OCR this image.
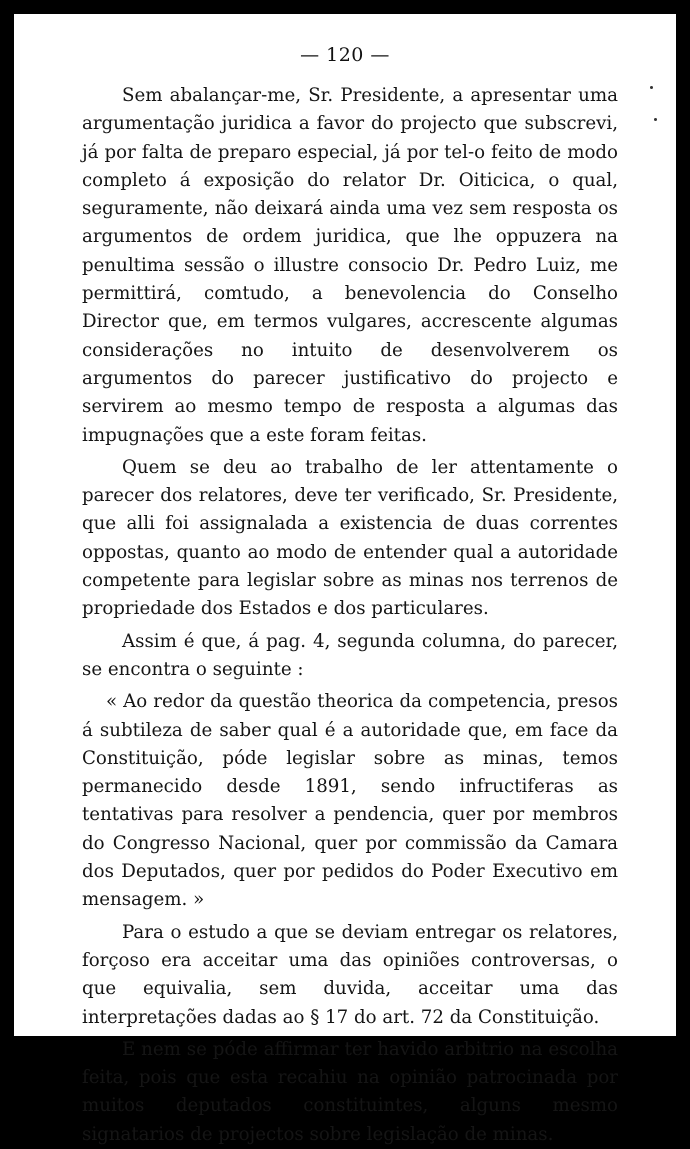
— 120 —

Sem abalançar-me, Sr. Presidente, a apresentar uma argumentação juridica a favor do projecto que subscrevi, já por falta de preparo especial, já por tel-o feito de modo completo á exposição do relator Dr. Oiticica, o qual, seguramente, não deixará ainda uma vez sem resposta os argumentos de ordem juridica, que lhe oppuzera na penultima sessão o illustre consocio Dr. Pedro Luiz, me permittirá, comtudo, a benevolencia do Conselho Director que, em termos vulgares, accrescente algumas considerações no intuito de desenvolverem os argumentos do parecer justificativo do projecto e servirem ao mesmo tempo de resposta a algumas das impugnações que a este foram feitas.

Quem se deu ao trabalho de ler attentamente o parecer dos relatores, deve ter verificado, Sr. Presidente, que alli foi assignalada a existencia de duas correntes oppostas, quanto ao modo de entender qual a autoridade competente para legislar sobre as minas nos terrenos de propriedade dos Estados e dos particulares.

Assim é que, á pag. 4, segunda columna, do parecer, se encontra o seguinte :

« Ao redor da questão theorica da competencia, presos á subtileza de saber qual é a autoridade que, em face da Constituição, póde legislar sobre as minas, temos permanecido desde 1891, sendo infructiferas as tentativas para resolver a pendencia, quer por membros do Congresso Nacional, quer por commissão da Camara dos Deputados, quer por pedidos do Poder Executivo em mensagem. »

Para o estudo a que se deviam entregar os relatores, forçoso era acceitar uma das opiniões controversas, o que equivalia, sem duvida, acceitar uma das interpretações dadas ao § 17 do art. 72 da Constituição.

E nem se póde affirmar ter havido arbitrio na escolha feita, pois que esta recahiu na opinião patrocinada por muitos deputados constituintes, alguns mesmo signatarios de projectos sobre legislação de minas.
